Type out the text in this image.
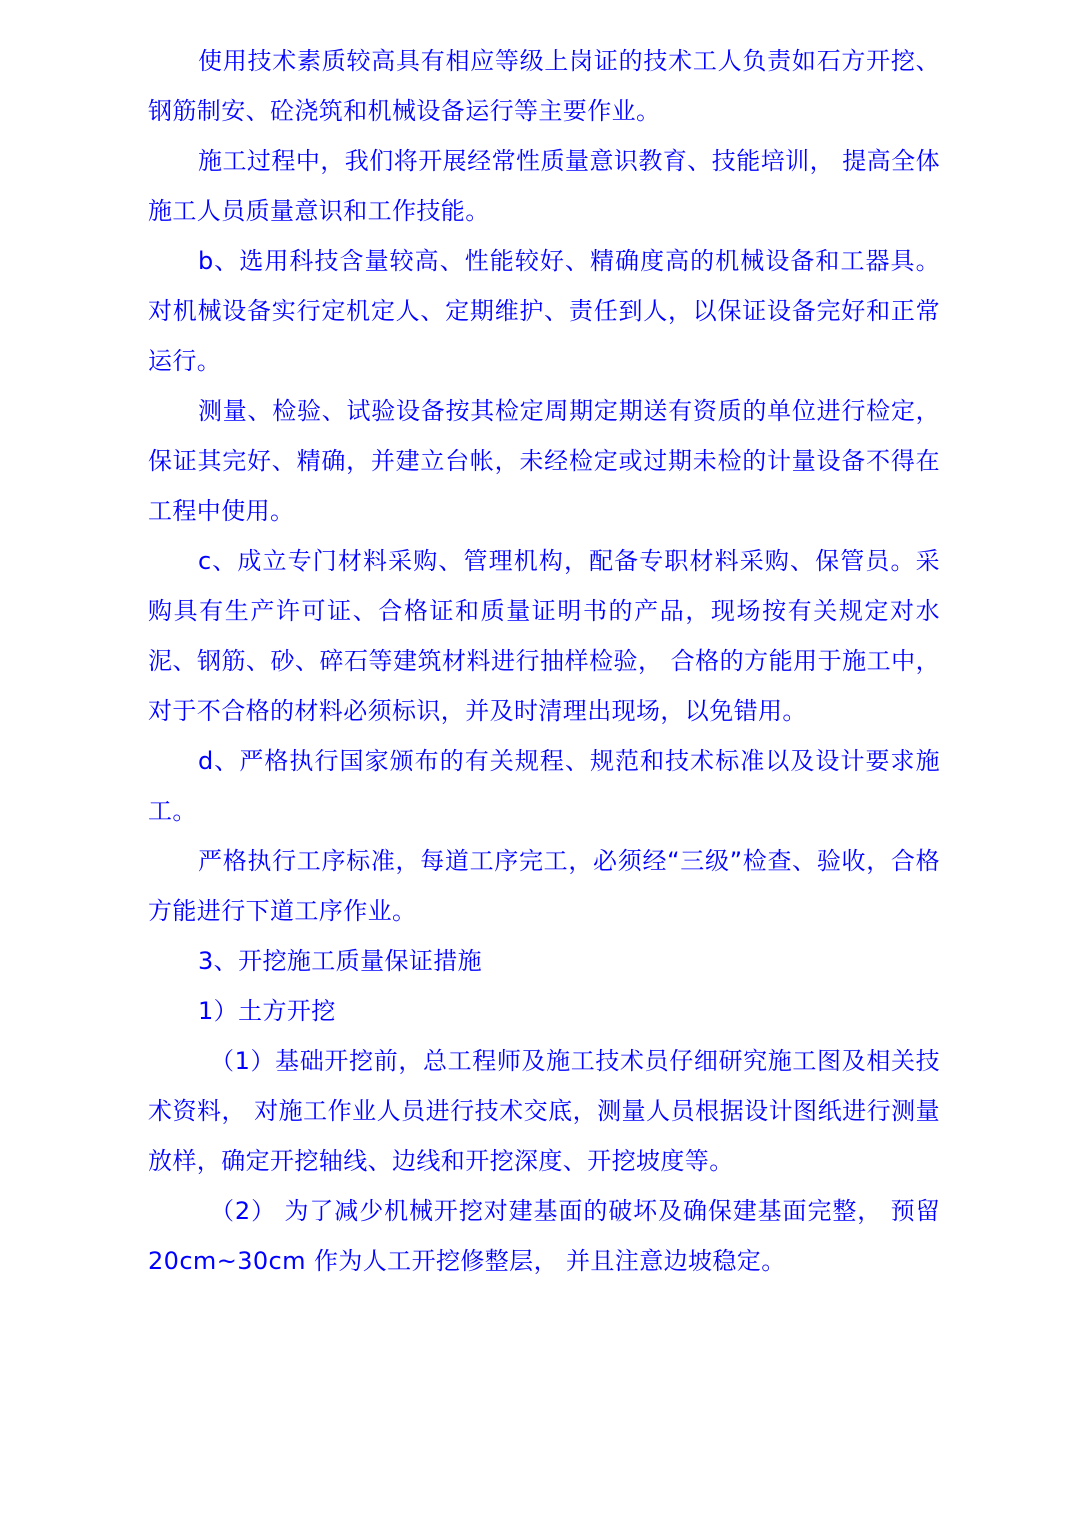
使用技术素质较高具有相应等级上岗证的技术工人负责如石方开挖、钢筋制安、砼浇筑和机械设备运行等主要作业。

施工过程中，我们将开展经常性质量意识教育、技能培训， 提高全体施工人员质量意识和工作技能。

b、选用科技含量较高、性能较好、精确度高的机械设备和工器具。对机械设备实行定机定人、定期维护、责任到人，以保证设备完好和正常运行。

测量、检验、试验设备按其检定周期定期送有资质的单位进行检定，保证其完好、精确，并建立台帐，未经检定或过期未检的计量设备不得在工程中使用。

c、成立专门材料采购、管理机构，配备专职材料采购、保管员。采购具有生产许可证、合格证和质量证明书的产品，现场按有关规定对水泥、钢筋、砂、碎石等建筑材料进行抽样检验， 合格的方能用于施工中，对于不合格的材料必须标识，并及时清理出现场，以免错用。

d、严格执行国家颁布的有关规程、规范和技术标准以及设计要求施工。

严格执行工序标准，每道工序完工，必须经“三级”检查、验收，合格方能进行下道工序作业。

3、开挖施工质量保证措施

1）土方开挖

（1）基础开挖前，总工程师及施工技术员仔细研究施工图及相关技术资料， 对施工作业人员进行技术交底，测量人员根据设计图纸进行测量放样，确定开挖轴线、边线和开挖深度、开挖坡度等。

（2） 为了减少机械开挖对建基面的破坏及确保建基面完整， 预留20cm~30cm 作为人工开挖修整层， 并且注意边坡稳定。
